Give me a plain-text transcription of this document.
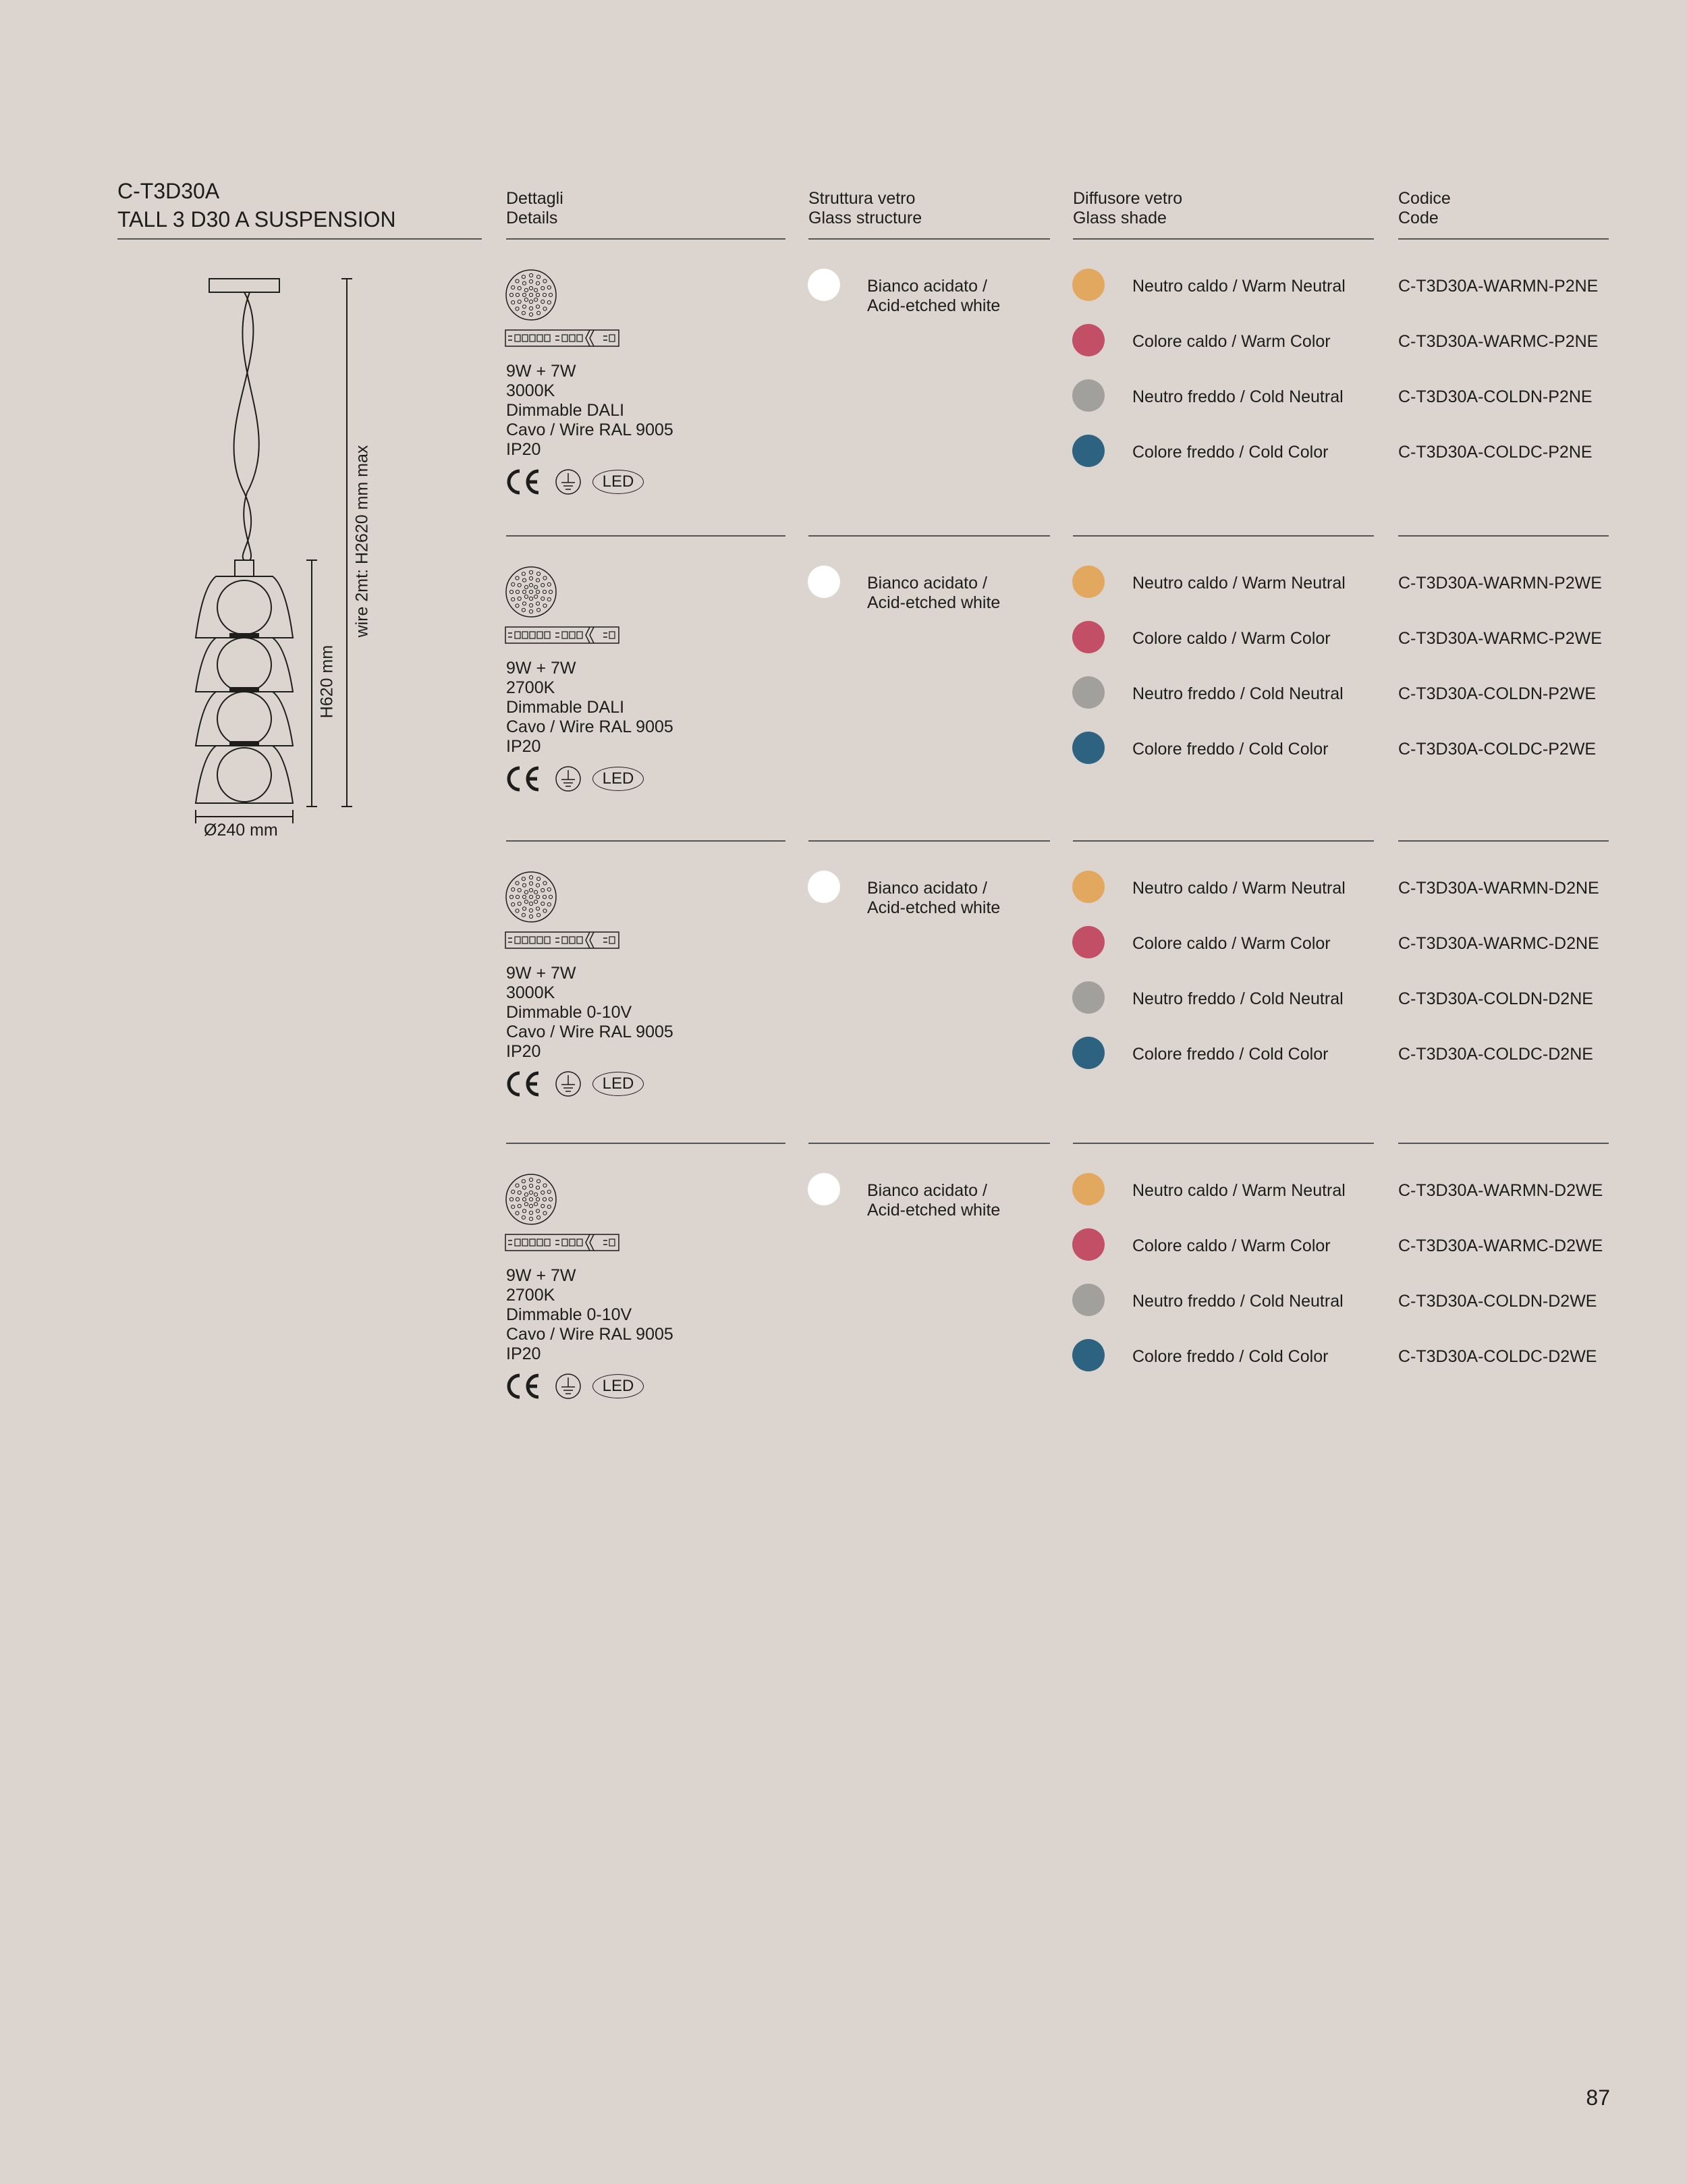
C-T3D30A
TALL 3 D30 A SUSPENSION
Dettagli
Details
Struttura vetro
Glass structure
Diffusore vetro
Glass shade
Codice
Code
Ø240 mm
H620 mm
wire 2mt: H2620 mm max
9W + 7W
3000K
Dimmable DALI
Cavo / Wire RAL 9005
IP20
LED
Bianco acidato /
Acid-etched white
Neutro caldo / Warm Neutral	C-T3D30A-WARMN-P2NE
Colore caldo / Warm Color	C-T3D30A-WARMC-P2NE
Neutro freddo / Cold Neutral	C-T3D30A-COLDN-P2NE
Colore freddo / Cold Color	C-T3D30A-COLDC-P2NE
9W + 7W
2700K
Dimmable DALI
Cavo / Wire RAL 9005
IP20
LED
Bianco acidato /
Acid-etched white
Neutro caldo / Warm Neutral	C-T3D30A-WARMN-P2WE
Colore caldo / Warm Color	C-T3D30A-WARMC-P2WE
Neutro freddo / Cold Neutral	C-T3D30A-COLDN-P2WE
Colore freddo / Cold Color	C-T3D30A-COLDC-P2WE
9W + 7W
3000K
Dimmable 0-10V
Cavo / Wire RAL 9005
IP20
LED
Bianco acidato /
Acid-etched white
Neutro caldo / Warm Neutral	C-T3D30A-WARMN-D2NE
Colore caldo / Warm Color	C-T3D30A-WARMC-D2NE
Neutro freddo / Cold Neutral	C-T3D30A-COLDN-D2NE
Colore freddo / Cold Color	C-T3D30A-COLDC-D2NE
9W + 7W
2700K
Dimmable 0-10V
Cavo / Wire RAL 9005
IP20
LED
Bianco acidato /
Acid-etched white
Neutro caldo / Warm Neutral	C-T3D30A-WARMN-D2WE
Colore caldo / Warm Color	C-T3D30A-WARMC-D2WE
Neutro freddo / Cold Neutral	C-T3D30A-COLDN-D2WE
Colore freddo / Cold Color	C-T3D30A-COLDC-D2WE
87
